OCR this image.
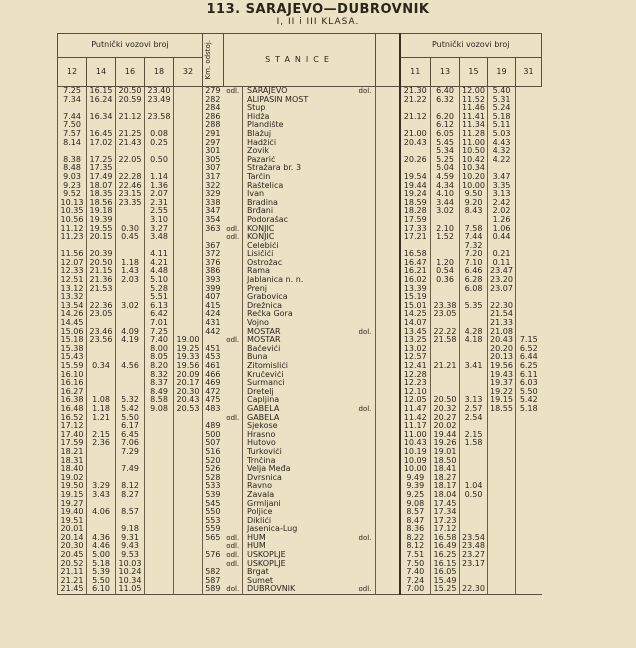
113. SARAJEVO—DUBROVNIK
I, II i III KLASA.
Putnički vozovi broj					Km. odstoj.	STANICE				Putnički vozovi broj				
12	14	16	18	32						11	13	15	19	31
7.25	16.15	20.50	23.40		279	odl.	SARAJEVO	dol.		21.30	6.40	12.00	5.40	
7.34	16.24	20.59	23.49		282		ALIPAŠIN MOST			21.22	6.32	11.52	5.31	
					284		Stup					11.46	5.24	
7.44	16.34	21.12	23.58		286		Hidža			21.12	6.20	11.41	5.18	
7.50					288		Plandište				6.12	11.34	5.11	
7.57	16.45	21.25	0.08		291		Blažuj			21.00	6.05	11.28	5.03	
8.14	17.02	21.43	0.25		297		Hadžići			20.43	5.45	11.00	4.43	
					301		Zovik				5.34	10.50	4.32	
8.38	17.25	22.05	0.50		305		Pazarić			20.26	5.25	10.42	4.22	
8.48	17.35				307		Stražara br. 3				5.04	10.34		
9.03	17.49	22.28	1.14		317		Tarčin			19.54	4.59	10.20	3.47	
9.23	18.07	22.46	1.36		322		Raštelica			19.44	4.34	10.00	3.35	
9.52	18.35	23.15	2.07		329		Ivan			19.24	4.10	9.50	3.13	
10.13	18.56	23.35	2.31		338		Bradina			18.59	3.44	9.20	2.42	
10.35	19.18		2.55		347		Brđani			18.28	3.02	8.43	2.02	
10.56	19.39		3.10		354		Podorašac			17.59			1.26	
11.12	19.55	0.30	3.27		363	odl.	KONJIC			17.33	2.10	7.58	1.06	
11.23	20.15	0.45	3.48			odl.	KONJIC			17.21	1.52	7.44	0.44	
					367		Čelebići					7.32		
11.56	20.39		4.11		372		Lisičići			16.58		7.20	0.21	
12.07	20.50	1.18	4.21		376		Ostrožac			16.47	1.20	7.10	0.11	
12.33	21.15	1.43	4.48		386		Rama			16.21	0.54	6.46	23.47	
12.51	21.36	2.03	5.10		393		Jablanica n. n.			16.02	0.36	6.28	23.20	
13.12	21.53		5.28		399		Prenj			13.39		6.08	23.07	
13.32			5.51		407		Grabovica			15.19				
13.54	22.36	3.02	6.13		415		Drežnica			15.01	23.38	5.35	22.30	
14.26	23.05		6.42		424		Rečka Gora			14.25	23.05		21.54	
14.45			7.01		431		Vojno			14.07			21.33	
15.06	23.46	4.09	7.25		442		MOSTAR	dol.		13.45	22.22	4.28	21.08	
15.18	23.56	4.19	7.40	19.00		odl.	MOSTAR			13.25	21.58	4.18	20.43	7.15
15.38			8.00	19.25	451		Bačevići			13.02			20.20	6.52
15.43			8.05	19.33	453		Buna			12.57			20.13	6.44
15.59	0.34	4.56	8.20	19.56	461		Žitomislići			12.41	21.21	3.41	19.56	6.25
16.10			8.32	20.09	466		Kručevići			12.28			19.43	6.11
16.16			8.37	20.17	469		Šurmanci			12.23			19.37	6.03
16.27			8.49	20.30	472		Dretelj			12.10			19.22	5.50
16.38	1.08	5.32	8.58	20.43	475		Čapljina			12.05	20.50	3.13	19.15	5.42
16.48	1.18	5.42	9.08	20.53	483		GABELA	dol.		11.47	20.32	2.57	18.55	5.18
16.52	1.21	5.50				odl.	GABELA			11.42	20.27	2.54		
17.12		6.17			489		Sjekose			11.17	20.02			
17.40	2.15	6.45			500		Hrasno			11.00	19.44	2.15		
17.59	2.36	7.06			507		Hutovo			10.43	19.26	1.58		
18.21		7.29			516		Turkovići			10.19	19.01			
18.31					520		Trnčina			10.09	18.50			
18.40		7.49			526		Velja Međa			10.00	18.41			
19.02					528		Dvrsnica			9.49	18.27			
19.50	3.29	8.12			533		Ravno			9.39	18.17	1.04		
19.15	3.43	8.27			539		Zavala			9.25	18.04	0.50		
19.27					545		Grmljani			9.08	17.45			
19.40	4.06	8.57			550		Poljice			8.57	17.34			
19.51					553		Diklići			8.47	17.23			
20.01		9.18			559		Jasenica-Lug			8.36	17.12			
20.14	4.36	9.31			565	odl.	HUM	dol.		8.22	16.58	23.54		
20.30	4.46	9.43				odl.	HUM			8.12	16.49	23.48		
20.45	5.00	9.53			576	odl.	USKOPLJE			7.51	16.25	23.27		
20.52	5.18	10.03				odl.	USKOPLJE			7.50	16.15	23.17		
21.11	5.39	10.24			582		Brgat			7.40	16.05			
21.21	5.50	10.34			587		Šumet			7.24	15.49			
21.45	6.10	11.05			589	dol.	DUBROVNIK	odl.		7.00	15.25	22.30		
